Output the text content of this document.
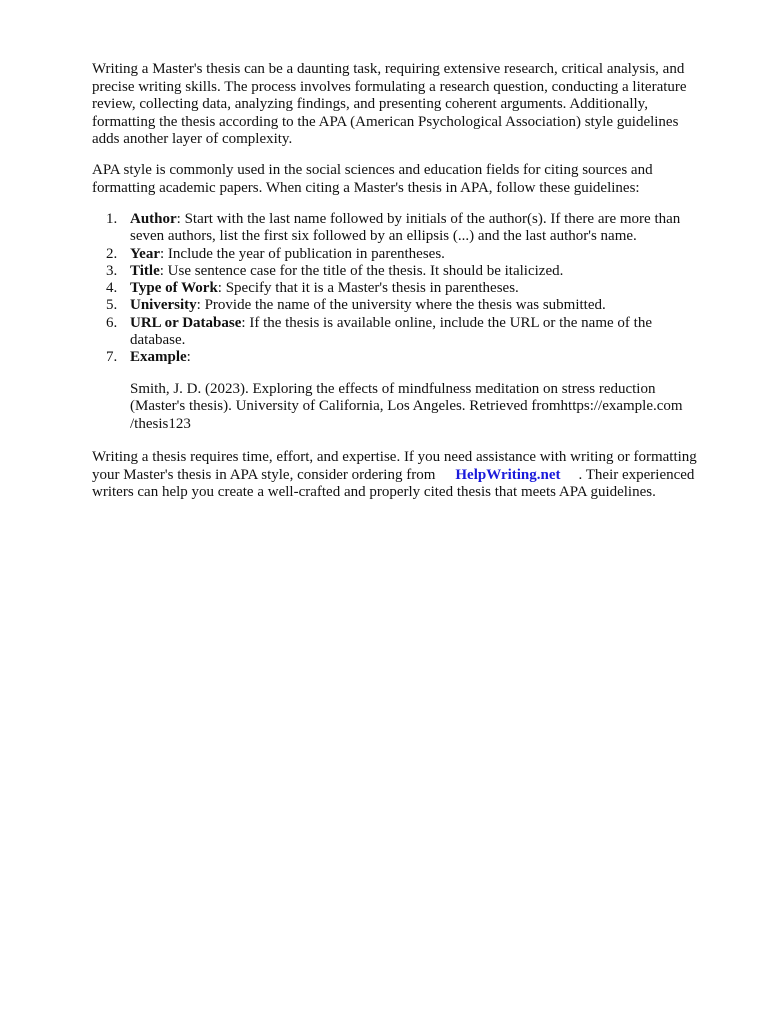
Writing a Master's thesis can be a daunting task, requiring extensive research, critical analysis, and
precise writing skills. The process involves formulating a research question, conducting a literature
review, collecting data, analyzing findings, and presenting coherent arguments. Additionally,
formatting the thesis according to the APA (American Psychological Association) style guidelines
adds another layer of complexity.

APA style is commonly used in the social sciences and education fields for citing sources and
formatting academic papers. When citing a Master's thesis in APA, follow these guidelines:

1. Author: Start with the last name followed by initials of the author(s). If there are more than
seven authors, list the first six followed by an ellipsis (...) and the last author's name.
2. Year: Include the year of publication in parentheses.
3. Title: Use sentence case for the title of the thesis. It should be italicized.
4. Type of Work: Specify that it is a Master's thesis in parentheses.
5. University: Provide the name of the university where the thesis was submitted.
6. URL or Database: If the thesis is available online, include the URL or the name of the
database.
7. Example:

Smith, J. D. (2023). Exploring the effects of mindfulness meditation on stress reduction
(Master's thesis). University of California, Los Angeles. Retrieved fromhttps://example.com
/thesis123

Writing a thesis requires time, effort, and expertise. If you need assistance with writing or formatting
your Master's thesis in APA style, consider ordering from HelpWriting.net . Their experienced
writers can help you create a well-crafted and properly cited thesis that meets APA guidelines.
